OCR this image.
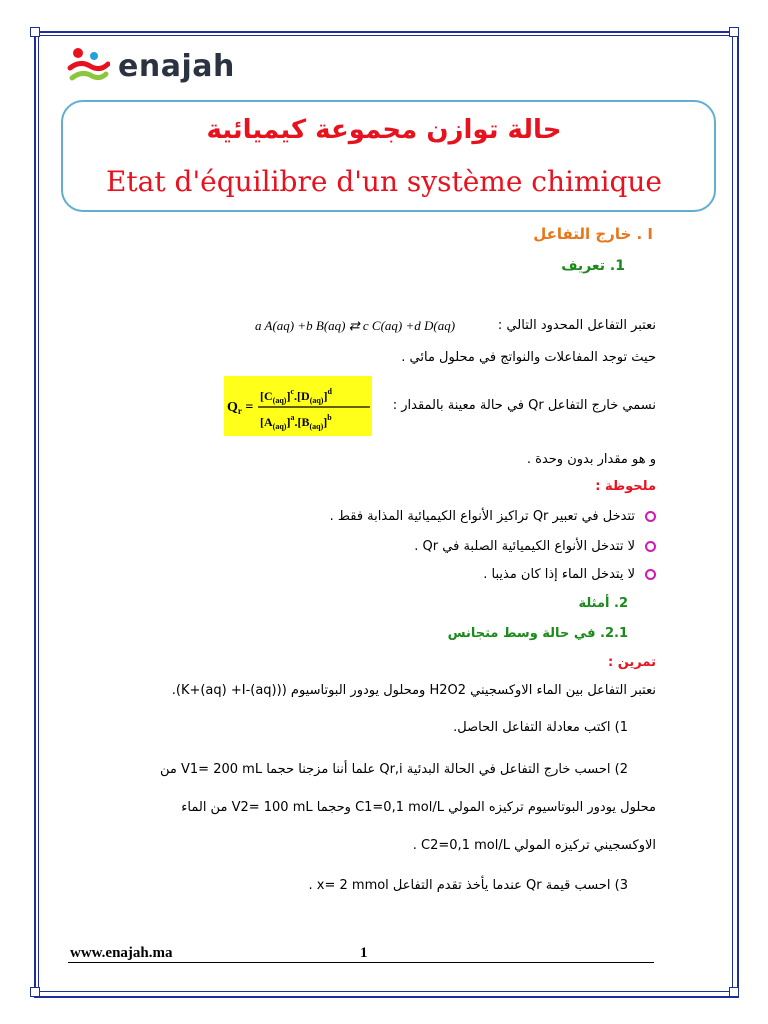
enajah
حالة توازن مجموعة كيميائية
Etat d'équilibre d'un système chimique
I . خارج التفاعل
1. تعريف
نعتبر التفاعل المحدود التالي :
a A(aq) +b B(aq) ⇄ c C(aq) +d D(aq)
حيث توجد المفاعلات والنواتج في محلول مائي .
نسمي خارج التفاعل Qr في حالة معينة بالمقدار :
$Q_r$ =
$[C_{(aq)}]^c.[D_{(aq)}]^d$
$[A_{(aq)}]^a.[B_{(aq)}]^b$
و هو مقدار بدون وحدة .
ملحوظة :
تتدخل في تعبير Qr تراكيز الأنواع الكيميائية المذابة فقط .
لا تتدخل الأنواع الكيميائية الصلبة في Qr .
لا يتدخل الماء إذا كان مذيبا .
2. أمثلة
2.1. في حالة وسط متجانس
تمرين :
نعتبر التفاعل بين الماء الاوكسجيني H2O2 ومحلول يودور البوتاسيوم ((K+(aq) +I-(aq)).
1) اكتب معادلة التفاعل الحاصل.
2) احسب خارج التفاعل في الحالة البدئية Qr,i علما أننا مزجنا حجما V1= 200 mL من
محلول يودور البوتاسيوم تركيزه المولي C1=0,1 mol/L وحجما V2= 100 mL من الماء
الاوكسجيني تركيزه المولي C2=0,1 mol/L .
3) احسب قيمة Qr عندما يأخذ تقدم التفاعل x= 2 mmol .
www.enajah.ma	1
